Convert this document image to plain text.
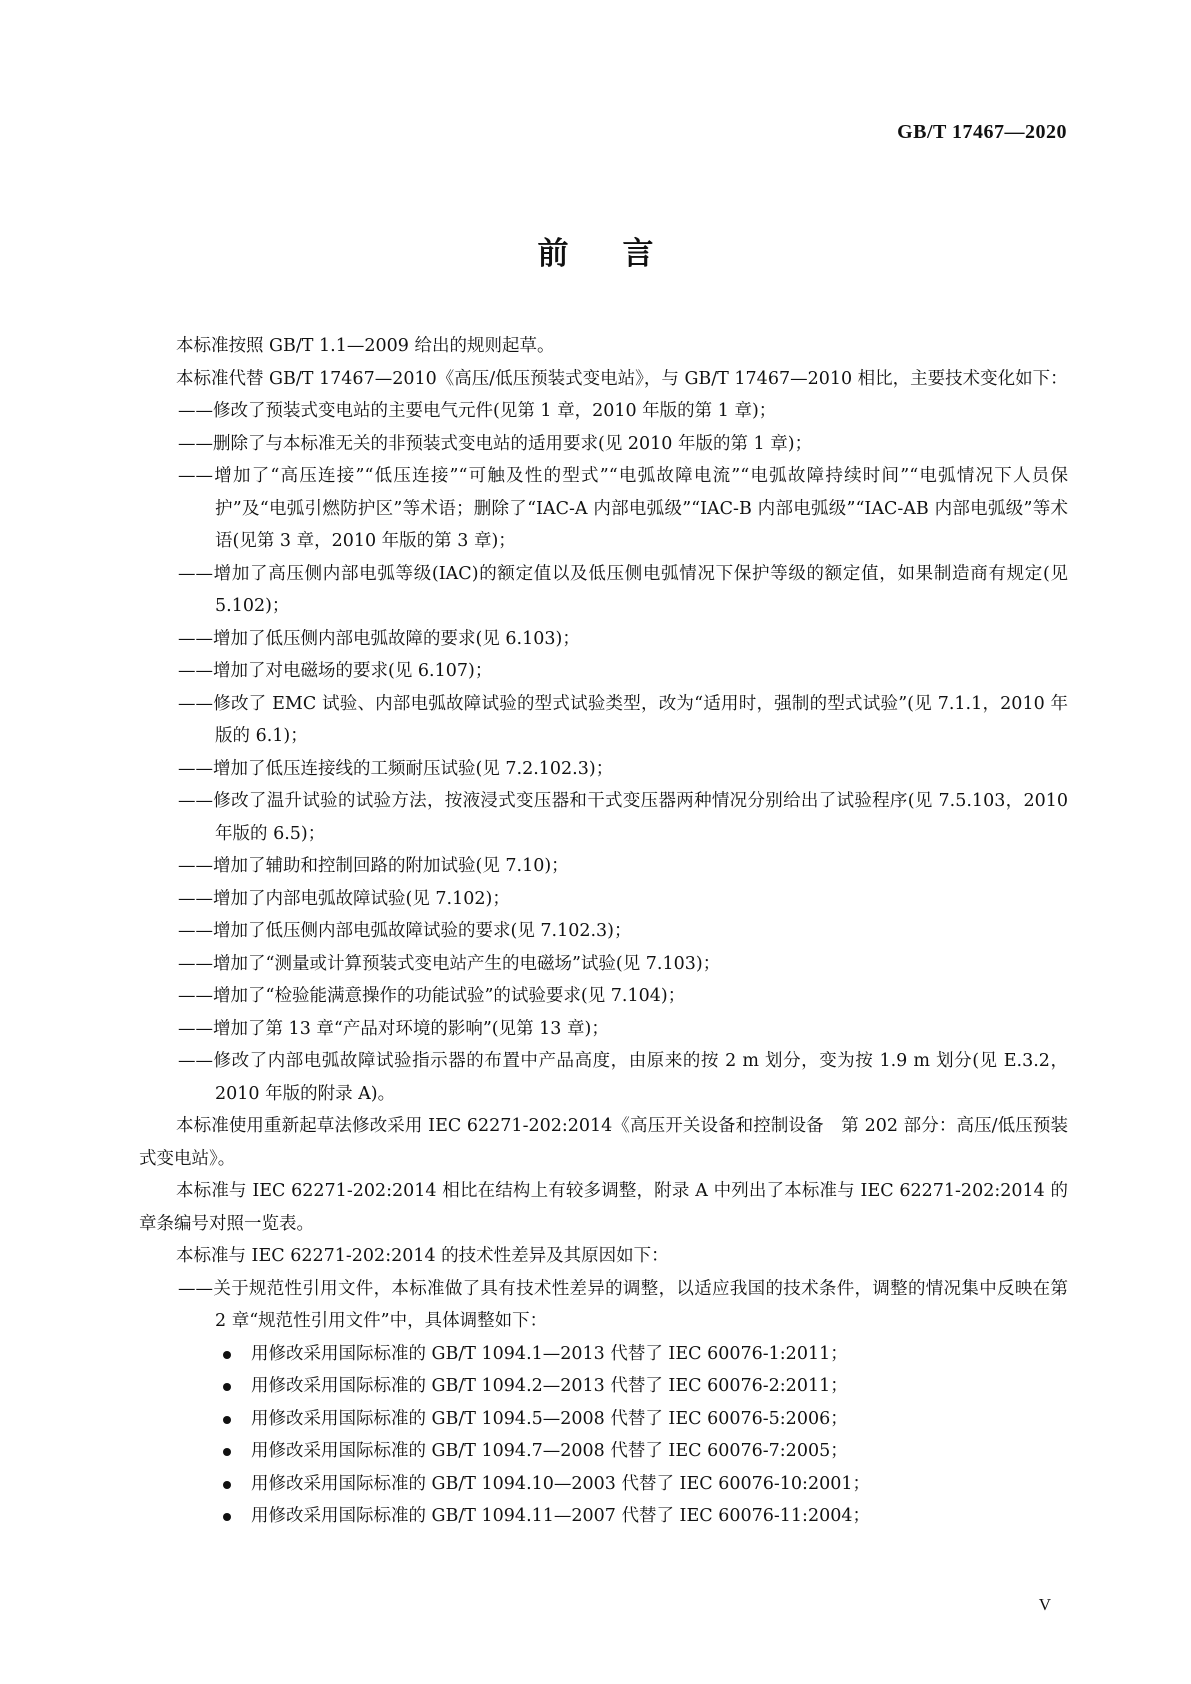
GB/T 17467—2020
前言

本标准按照 GB/T 1.1—2009 给出的规则起草。

本标准代替 GB/T 17467—2010《高压/低压预装式变电站》，与 GB/T 17467—2010 相比，主要技术变化如下：

——修改了预装式变电站的主要电气元件(见第 1 章，2010 年版的第 1 章)；

——删除了与本标准无关的非预装式变电站的适用要求(见 2010 年版的第 1 章)；

——增加了“高压连接”“低压连接”“可触及性的型式”“电弧故障电流”“电弧故障持续时间”“电弧情况下人员保护”及“电弧引燃防护区”等术语；删除了“IAC-A 内部电弧级”“IAC-B 内部电弧级”“IAC-AB 内部电弧级”等术语(见第 3 章，2010 年版的第 3 章)；

——增加了高压侧内部电弧等级(IAC)的额定值以及低压侧电弧情况下保护等级的额定值，如果制造商有规定(见 5.102)；

——增加了低压侧内部电弧故障的要求(见 6.103)；

——增加了对电磁场的要求(见 6.107)；

——修改了 EMC 试验、内部电弧故障试验的型式试验类型，改为“适用时，强制的型式试验”(见 7.1.1，2010 年版的 6.1)；

——增加了低压连接线的工频耐压试验(见 7.2.102.3)；

——修改了温升试验的试验方法，按液浸式变压器和干式变压器两种情况分别给出了试验程序(见 7.5.103，2010 年版的 6.5)；

——增加了辅助和控制回路的附加试验(见 7.10)；

——增加了内部电弧故障试验(见 7.102)；

——增加了低压侧内部电弧故障试验的要求(见 7.102.3)；

——增加了“测量或计算预装式变电站产生的电磁场”试验(见 7.103)；

——增加了“检验能满意操作的功能试验”的试验要求(见 7.104)；

——增加了第 13 章“产品对环境的影响”(见第 13 章)；

——修改了内部电弧故障试验指示器的布置中产品高度，由原来的按 2 m 划分，变为按 1.9 m 划分(见 E.3.2，2010 年版的附录 A)。

本标准使用重新起草法修改采用 IEC 62271-202:2014《高压开关设备和控制设备　第 202 部分：高压/低压预装式变电站》。

本标准与 IEC 62271-202:2014 相比在结构上有较多调整，附录 A 中列出了本标准与 IEC 62271-202:2014 的章条编号对照一览表。

本标准与 IEC 62271-202:2014 的技术性差异及其原因如下：

——关于规范性引用文件，本标准做了具有技术性差异的调整，以适应我国的技术条件，调整的情况集中反映在第 2 章“规范性引用文件”中，具体调整如下：

用修改采用国际标准的 GB/T 1094.1—2013 代替了 IEC 60076-1:2011；

用修改采用国际标准的 GB/T 1094.2—2013 代替了 IEC 60076-2:2011；

用修改采用国际标准的 GB/T 1094.5—2008 代替了 IEC 60076-5:2006；

用修改采用国际标准的 GB/T 1094.7—2008 代替了 IEC 60076-7:2005；

用修改采用国际标准的 GB/T 1094.10—2003 代替了 IEC 60076-10:2001；

用修改采用国际标准的 GB/T 1094.11—2007 代替了 IEC 60076-11:2004；

V
